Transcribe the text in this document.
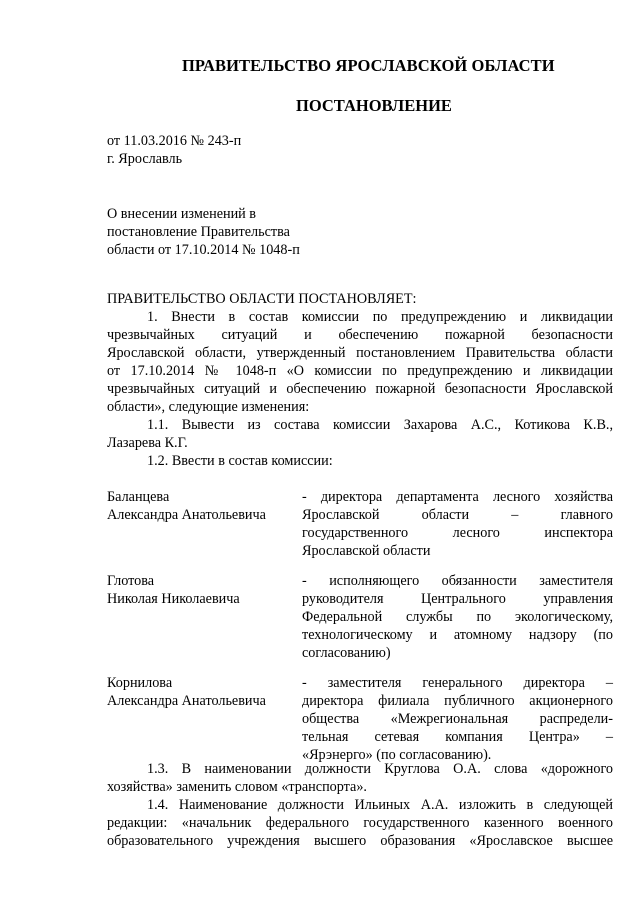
ПРАВИТЕЛЬСТВО ЯРОСЛАВСКОЙ ОБЛАСТИ
ПОСТАНОВЛЕНИЕ
от 11.03.2016 № 243-п
г. Ярославль
О внесении изменений в
постановление Правительства
области от 17.10.2014 № 1048-п
ПРАВИТЕЛЬСТВО ОБЛАСТИ ПОСТАНОВЛЯЕТ:
1. Внести в состав комиссии по предупреждению и ликвидации
чрезвычайных ситуаций и обеспечению пожарной безопасности
Ярославской области, утвержденный постановлением Правительства области
от 17.10.2014 № 1048-п «О комиссии по предупреждению и ликвидации
чрезвычайных ситуаций и обеспечению пожарной безопасности Ярославской
области», следующие изменения:
1.1. Вывести из состава комиссии Захарова А.С., Котикова К.В.,
Лазарева К.Г.
1.2. Ввести в состав комиссии:
Баланцева
Александра Анатольевича
- директора департамента лесного хозяйства
Ярославской области – главного
государственного лесного инспектора
Ярославской области
Глотова
Николая Николаевича
- исполняющего обязанности заместителя
руководителя Центрального управления
Федеральной службы по экологическому,
технологическому и атомному надзору (по
согласованию)
Корнилова
Александра Анатольевича
- заместителя генерального директора –
директора филиала публичного акционерного
общества «Межрегиональная распредели-
тельная сетевая компания Центра» –
«Ярэнерго» (по согласованию).
1.3. В наименовании должности Круглова О.А. слова «дорожного
хозяйства» заменить словом «транспорта».
1.4. Наименование должности Ильиных А.А. изложить в следующей
редакции: «начальник федерального государственного казенного военного
образовательного учреждения высшего образования «Ярославское высшее
